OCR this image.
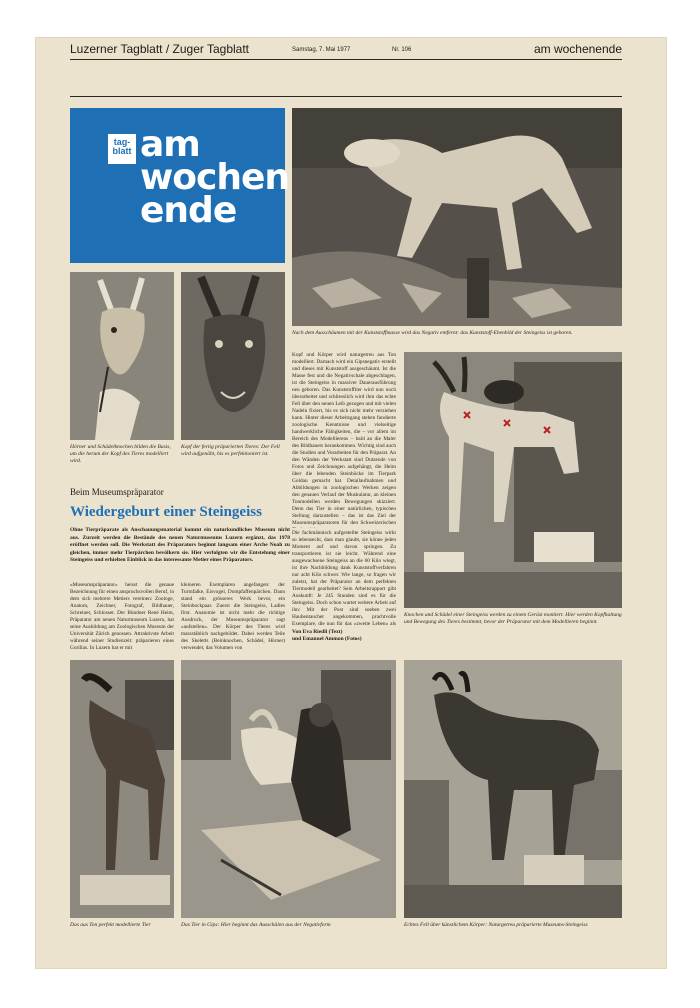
Luzerner Tagblatt / Zuger Tagblatt	Samstag, 7. Mai 1977	Nr. 106	am wochenende
tag-blatt am
wochen
ende
Nach dem Ausschäumen mit der Kunststoffmasse wird das Negativ entfernt: das Kunststoff-Ebenbild der Steingeiss ist geboren.
Hörner und Schädelknochen bilden die Basis, um die herum der Kopf des Tieres modelliert wird.
Kopf der fertig präparierten Tieres: Der Fell wird aufgenäht, bis es perfektioniert ist.
Knochen und Schädel einer Steingeiss werden zu einem Gerüst montiert. Hier werden Kopfhaltung und Bewegung des Tieres bestimmt, bevor der Präparator mit dem Modellieren beginnt.
Beim Museumspräparator
Wiedergeburt einer Steingeiss
Ohne Tierpräparate als Anschauungsmaterial kommt ein naturkundliches Museum nicht aus. Zurzeit werden die Bestände des neuen Naturmuseums Luzern ergänzt, das 1978 eröffnet werden soll. Die Werkstatt des Präparators beginnt langsam einer Arche Noah zu gleichen, immer mehr Tierpärchen bevölkern sie. Hier verfolgten wir die Entstehung einer Steingeiss und erhielten Einblick in das interessante Metier eines Präparators.
«Museumspräparator» heisst die genaue Bezeichnung für einen anspruchsvollen Beruf, in dem sich mehrere Metiers vereinen: Zoologe, Anatom, Zeichner, Fotograf, Bildhauer, Schreiner, Schlosser. Der Bündner René Heim, Präparator am neuen Naturmuseum Luzern, hat seine Ausbildung am Zoologischen Museum der Universität Zürich genossen. Attraktivste Arbeit während seiner Studienzeit: präparieren eines Gorillas. In Luzern hat er mit
kleineren Exemplaren angefangen: der Turmfalke, Eisvogel, Dompfaffenpärchen. Dann stand ein grösseres Werk bevor, ein Steinbockpaar. Zuerst die Steingeiss, Ladies first. Anatomie ist nicht mehr die richtige Ausdruck, der Museumspräparator sagt «aufstellen». Der Körper des Tieres wird massstäblich nachgebildet. Dabei werden Teile des Skeletts (Beinknochen, Schädel, Hörner) verwendet, das Volumen von
Kopf und Körper wird naturgetreu aus Ton modelliert. Darnach wird ein Gipsnegativ erstellt und dieses mit Kunststoff ausgeschäumt. Ist die Masse fest und die Negativschale abgeschlagen, ist die Steingeiss in massiver Dauerausführung neu geboren. Das Kunststofftier wird nun noch überarbeitet und schliesslich wird ihm das echte Fell über den neuen Leib gezogen und mit vielen Nadeln fixiert, bis es sich nicht mehr verziehen kann. Hinter dieser Arbeitsgang stehen fundierte zoologische Kenntnisse und vielseitige handwerkliche Fähigkeiten, die – vor allem im Bereich des Modellierens – bald an die Maler des Bildhauers herankommen. Wichtig sind auch die Studien und Vorarbeiten für den Präparat. An den Wänden der Werkstatt sind Dutzende von Fotos und Zeichnungen aufgehängt, die Heim über die lebenden Steinböcke im Tierpark Goldau gemacht hat. Detailaufnahmen und Abbildungen in zoologischen Werken zeigen den genauen Verlauf der Muskulatur, an kleinen Tonmodellen werden Bewegungen skizziert. Denn das Tier in einer natürlichen, typischen Stellung darzustellen – das ist das Ziel der Museumspräparatoren für den Schweizerischen
Die fachmännisch aufgestellte Steingeiss wirkt so lebensecht, dass man glaubt, sie könne jeden Moment auf und davon springen. Zu transportieren ist sie leicht. Während eine ausgewachsene Steingeiss an die 60 Kilo wiegt, ist ihre Nachbildung dank Kunststoffverfahren nur acht Kilo schwer. Wie lange, so fragen wir zuletzt, hat der Präparator an dem perfekten Tiermodell gearbeitet? Sein Arbeitsrapport gibt Auskunft: Je 245 Stunden sind es für die Steingeiss. Doch schon wartet weitere Arbeit auf ihn: Mit der Post sind soeben zwei Haubentaucher angekommen, prachtvolle Exemplare, die nun für das «zweite Leben» als
Von Eva Riedli (Text)
und Emanuel Ammon (Fotos)
Das aus Ton perfekt modellierte Tier	Das Tier in Gips: Hier beginnt das Ausschälen aus der Negativform	Echtes Fell über künstlichem Körper: Naturgetreu präparierte Museums-Steingeiss
